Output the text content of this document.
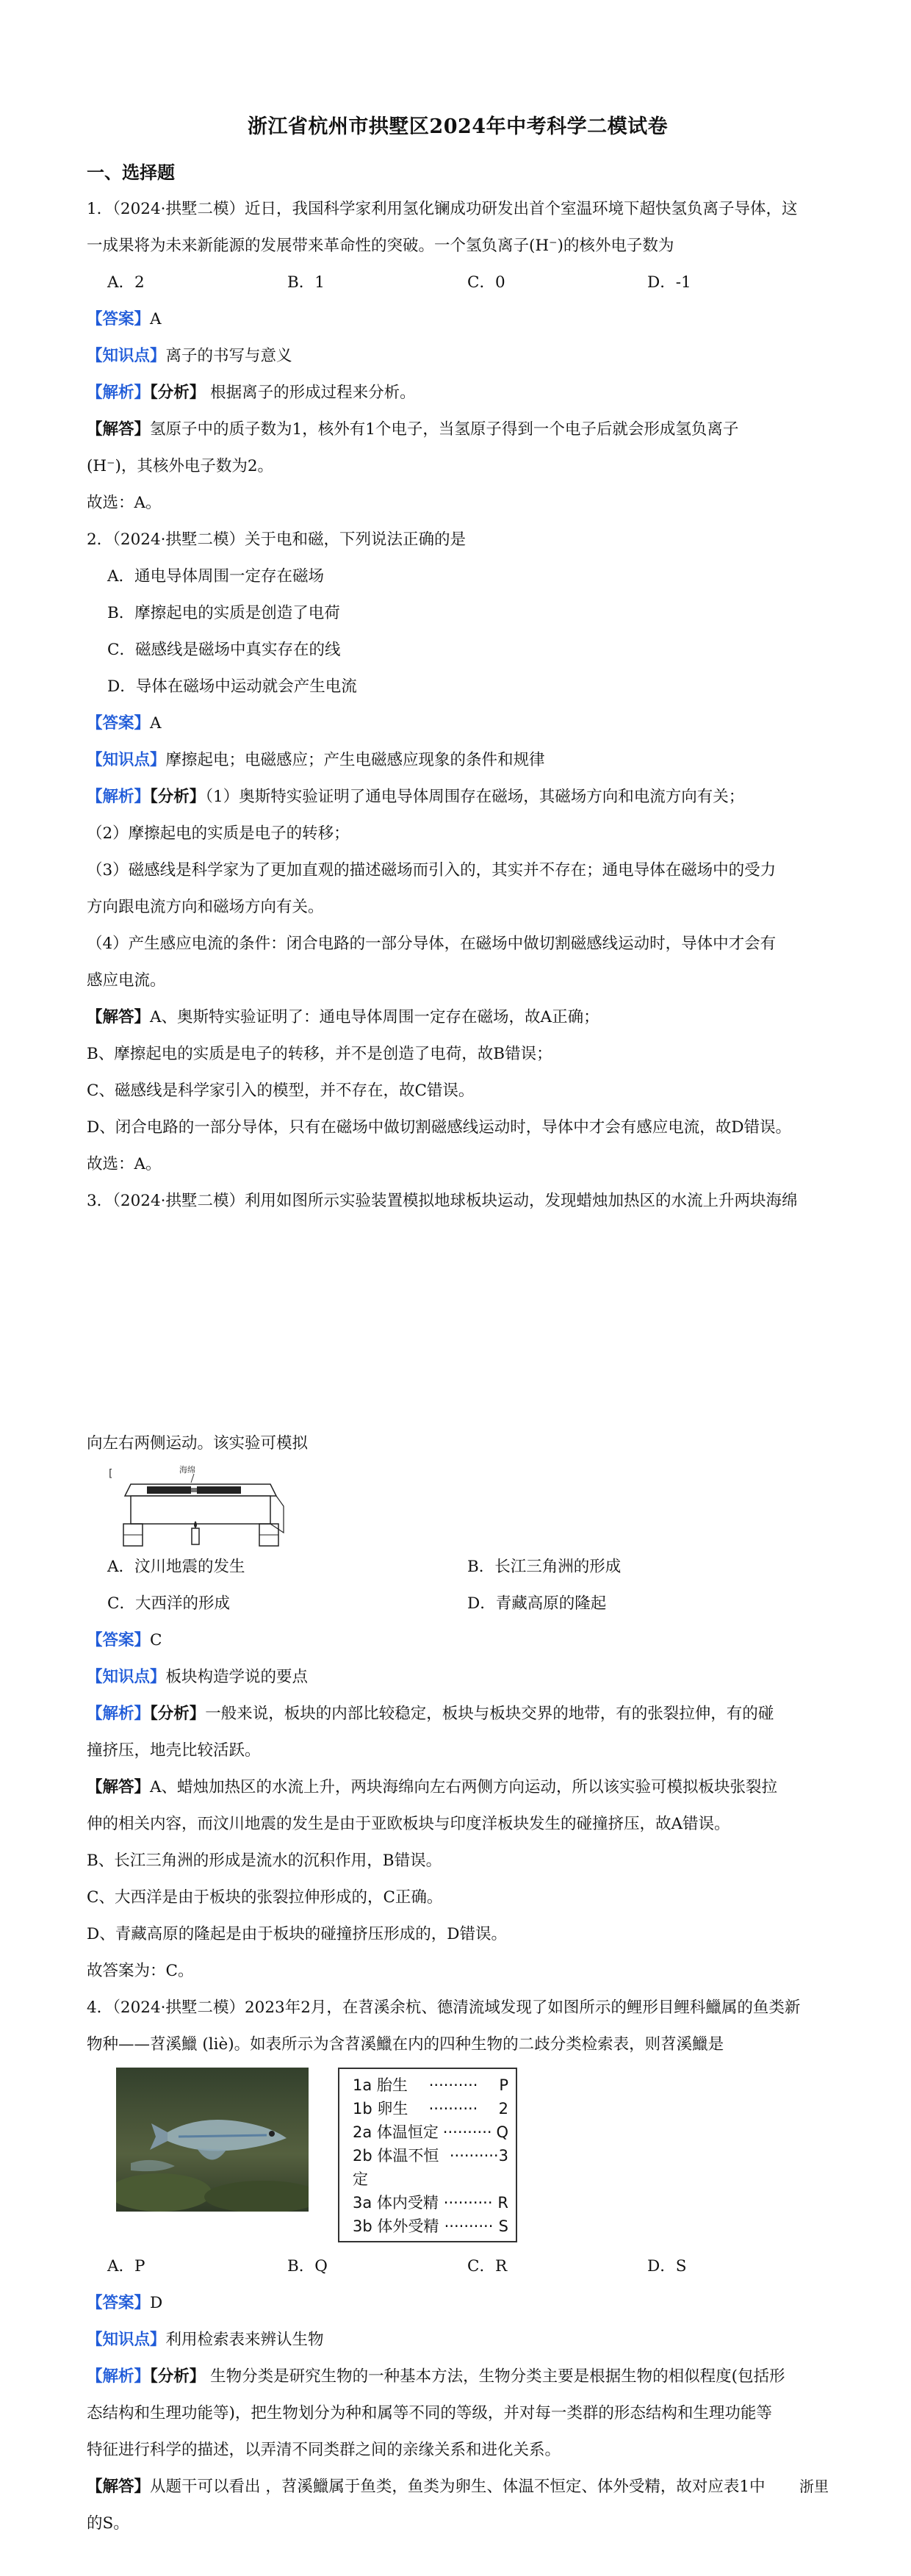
浙江省杭州市拱墅区2024年中考科学二模试卷
一、选择题

1．（2024·拱墅二模）近日，我国科学家利用氢化镧成功研发出首个室温环境下超快氢负离子导体，这

一成果将为未来新能源的发展带来革命性的突破。一个氢负离子(H⁻)的核外电子数为

A．2	B．1	C．0	D．-1

【答案】A

【知识点】离子的书写与意义

【解析】【分析】 根据离子的形成过程来分析。

【解答】氢原子中的质子数为1，核外有1个电子，当氢原子得到一个电子后就会形成氢负离子

(H⁻)，其核外电子数为2。

故选：A。

2．（2024·拱墅二模）关于电和磁，下列说法正确的是

A．通电导体周围一定存在磁场

B．摩擦起电的实质是创造了电荷

C．磁感线是磁场中真实存在的线

D．导体在磁场中运动就会产生电流

【答案】A

【知识点】摩擦起电；电磁感应；产生电磁感应现象的条件和规律

【解析】【分析】（1）奥斯特实验证明了通电导体周围存在磁场，其磁场方向和电流方向有关；

（2）摩擦起电的实质是电子的转移；

（3）磁感线是科学家为了更加直观的描述磁场而引入的，其实并不存在；通电导体在磁场中的受力

方向跟电流方向和磁场方向有关。

（4）产生感应电流的条件：闭合电路的一部分导体，在磁场中做切割磁感线运动时，导体中才会有

感应电流。

【解答】A、奥斯特实验证明了：通电导体周围一定存在磁场，故A正确；

B、摩擦起电的实质是电子的转移，并不是创造了电荷，故B错误；

C、磁感线是科学家引入的模型，并不存在，故C错误。

D、闭合电路的一部分导体，只有在磁场中做切割磁感线运动时，导体中才会有感应电流，故D错误。

故选：A。

3．（2024·拱墅二模）利用如图所示实验装置模拟地球板块运动，发现蜡烛加热区的水流上升两块海绵

向左右两侧运动。该实验可模拟

[	海绵
A．汶川地震的发生	B．长江三角洲的形成
C．大西洋的形成	D．青藏高原的隆起

【答案】C

【知识点】板块构造学说的要点

【解析】【分析】一般来说，板块的内部比较稳定，板块与板块交界的地带，有的张裂拉伸，有的碰

撞挤压，地壳比较活跃。

【解答】A、蜡烛加热区的水流上升，两块海绵向左右两侧方向运动，所以该实验可模拟板块张裂拉

伸的相关内容，而汶川地震的发生是由于亚欧板块与印度洋板块发生的碰撞挤压，故A错误。

B、长江三角洲的形成是流水的沉积作用，B错误。

C、大西洋是由于板块的张裂拉伸形成的，C正确。

D、青藏高原的隆起是由于板块的碰撞挤压形成的，D错误。

故答案为：C。

4．（2024·拱墅二模）2023年2月，在苕溪余杭、德清流域发现了如图所示的鲤形目鲤科鱲属的鱼类新

物种——苕溪鱲 (liè)。如表所示为含苕溪鱲在内的四种生物的二歧分类检索表，则苕溪鱲是

1a 胎生 ·········· P
1b 卵生 ·········· 2
2a 体温恒定 ·········· Q
2b 体温不恒定
·········· 3
3a 体内受精 ·········· R
3b 体外受精 ·········· S
A．P	B．Q	C．R	D．S

【答案】D

【知识点】利用检索表来辨认生物

【解析】【分析】 生物分类是研究生物的一种基本方法，生物分类主要是根据生物的相似程度(包括形

态结构和生理功能等)，把生物划分为种和属等不同的等级，并对每一类群的形态结构和生理功能等

特征进行科学的描述，以弄清不同类群之间的亲缘关系和进化关系。

【解答】从题干可以看出 ，苕溪鱲属于鱼类，鱼类为卵生、体温不恒定、体外受精，故对应表1中

的S。

浙里
